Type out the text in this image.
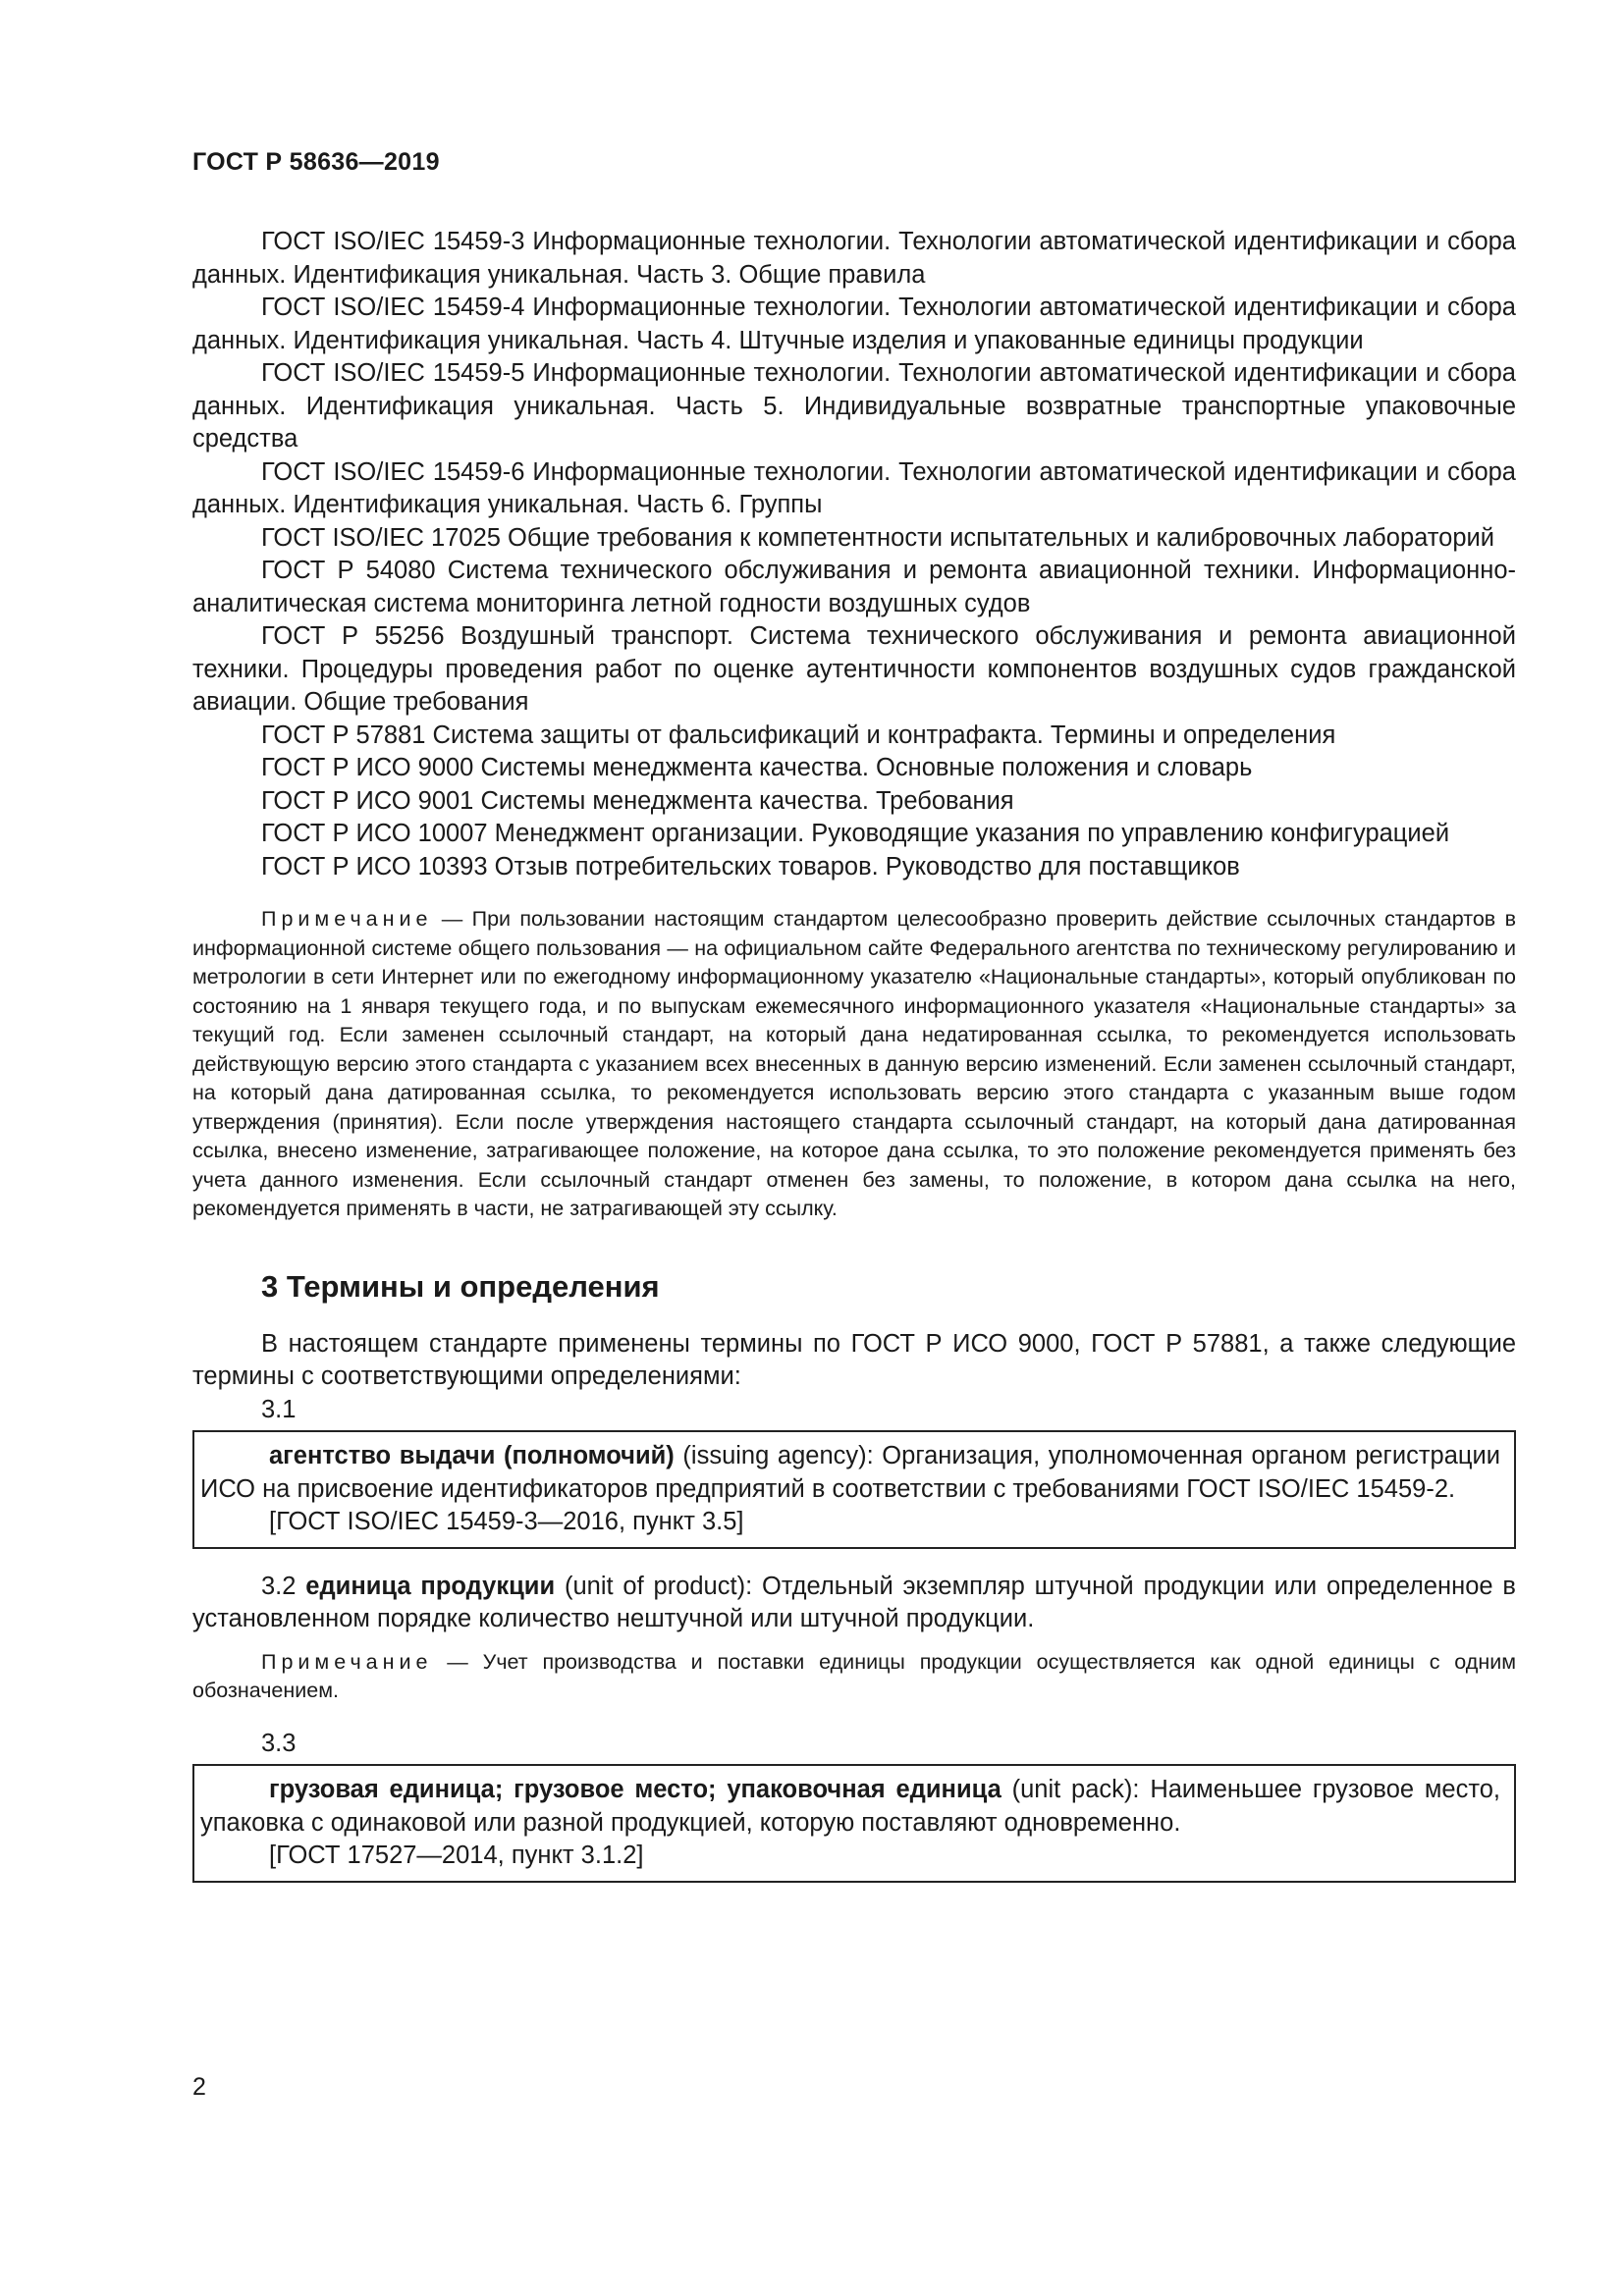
ГОСТ Р 58636—2019

ГОСТ ISO/IEC 15459-3 Информационные технологии. Технологии автоматической идентификации и сбора данных. Идентификация уникальная. Часть 3. Общие правила

ГОСТ ISO/IEC 15459-4 Информационные технологии. Технологии автоматической идентификации и сбора данных. Идентификация уникальная. Часть 4. Штучные изделия и упакованные единицы продукции

ГОСТ ISO/IEC 15459-5 Информационные технологии. Технологии автоматической идентификации и сбора данных. Идентификация уникальная. Часть 5. Индивидуальные возвратные транспортные упаковочные средства

ГОСТ ISO/IEC 15459-6 Информационные технологии. Технологии автоматической идентификации и сбора данных. Идентификация уникальная. Часть 6. Группы

ГОСТ ISO/IEC 17025 Общие требования к компетентности испытательных и калибровочных лабораторий

ГОСТ Р 54080 Система технического обслуживания и ремонта авиационной техники. Информационно-аналитическая система мониторинга летной годности воздушных судов

ГОСТ Р 55256 Воздушный транспорт. Система технического обслуживания и ремонта авиационной техники. Процедуры проведения работ по оценке аутентичности компонентов воздушных судов гражданской авиации. Общие требования

ГОСТ Р 57881 Система защиты от фальсификаций и контрафакта. Термины и определения

ГОСТ Р ИСО 9000 Системы менеджмента качества. Основные положения и словарь

ГОСТ Р ИСО 9001 Системы менеджмента качества. Требования

ГОСТ Р ИСО 10007 Менеджмент организации. Руководящие указания по управлению конфигурацией

ГОСТ Р ИСО 10393 Отзыв потребительских товаров. Руководство для поставщиков

Примечание — При пользовании настоящим стандартом целесообразно проверить действие ссылочных стандартов в информационной системе общего пользования — на официальном сайте Федерального агентства по техническому регулированию и метрологии в сети Интернет или по ежегодному информационному указателю «Национальные стандарты», который опубликован по состоянию на 1 января текущего года, и по выпускам ежемесячного информационного указателя «Национальные стандарты» за текущий год. Если заменен ссылочный стандарт, на который дана недатированная ссылка, то рекомендуется использовать действующую версию этого стандарта с указанием всех внесенных в данную версию изменений. Если заменен ссылочный стандарт, на который дана датированная ссылка, то рекомендуется использовать версию этого стандарта с указанным выше годом утверждения (принятия). Если после утверждения настоящего стандарта ссылочный стандарт, на который дана датированная ссылка, внесено изменение, затрагивающее положение, на которое дана ссылка, то это положение рекомендуется применять без учета данного изменения. Если ссылочный стандарт отменен без замены, то положение, в котором дана ссылка на него, рекомендуется применять в части, не затрагивающей эту ссылку.

3 Термины и определения

В настоящем стандарте применены термины по ГОСТ Р ИСО 9000, ГОСТ Р 57881, а также следующие термины с соответствующими определениями:

3.1

агентство выдачи (полномочий) (issuing agency): Организация, уполномоченная органом регистрации ИСО на присвоение идентификаторов предприятий в соответствии с требованиями ГОСТ ISO/IEC 15459-2.

[ГОСТ ISO/IEC 15459-3—2016, пункт 3.5]

3.2 единица продукции (unit of product): Отдельный экземпляр штучной продукции или определенное в установленном порядке количество нештучной или штучной продукции.

Примечание — Учет производства и поставки единицы продукции осуществляется как одной единицы с одним обозначением.

3.3

грузовая единица; грузовое место; упаковочная единица (unit pack): Наименьшее грузовое место, упаковка с одинаковой или разной продукцией, которую поставляют одновременно.

[ГОСТ 17527—2014, пункт 3.1.2]

2
